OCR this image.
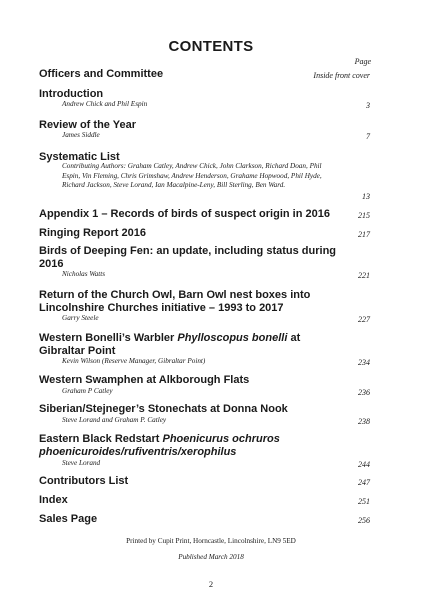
CONTENTS
Page
Officers and Committee	Inside front cover
Introduction
Andrew Chick and Phil Espin	3
Review of the Year
James Siddle	7
Systematic List
Contributing Authors: Graham Catley, Andrew Chick, John Clarkson, Richard Doan, Phil Espin, Vin Fleming, Chris Grimshaw, Andrew Henderson, Grahame Hopwood, Phil Hyde, Richard Jackson, Steve Lorand, Ian Macalpine-Leny, Bill Sterling, Ben Ward.
13
Appendix 1 – Records of birds of suspect origin in 2016	215
Ringing Report 2016	217
Birds of Deeping Fen: an update, including status during 2016
Nicholas Watts	221
Return of the Church Owl, Barn Owl nest boxes into Lincolnshire Churches initiative – 1993 to 2017
Garry Steele	227
Western Bonelli’s Warbler Phylloscopus bonelli at Gibraltar Point
Kevin Wilson (Reserve Manager, Gibraltar Point)	234
Western Swamphen at Alkborough Flats
Graham P Catley	236
Siberian/Stejneger’s Stonechats at Donna Nook
Steve Lorand and Graham P. Catley	238
Eastern Black Redstart Phoenicurus ochruros phoenicuroides/rufiventris/xerophilus
Steve Lorand	244
Contributors List	247
Index	251
Sales Page	256
Printed by Cupit Print, Horncastle, Lincolnshire, LN9 5ED
Published March 2018
2
